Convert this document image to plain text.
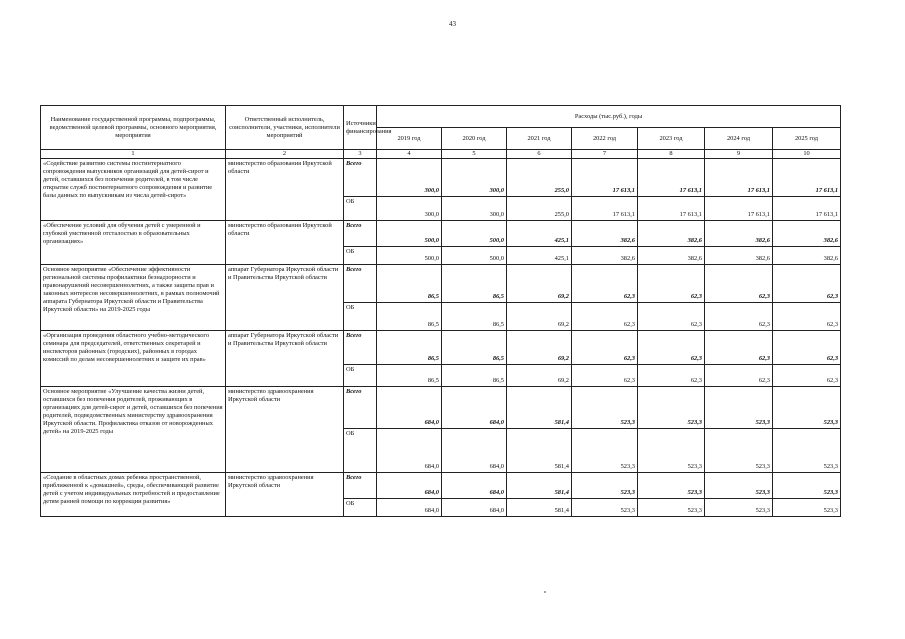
43
Наименование государственной программы, подпрограммы, ведомственной целевой программы, основного мероприятия, мероприятия	Ответственный исполнитель, соисполнители, участники, исполнители мероприятий	Источники финансирования	Расходы (тыс.руб.), годы						
			2019 год	2020 год	2021 год	2022 год	2023 год	2024 год	2025 год
1	2	3	4	5	6	7	8	9	10
«Содействие развитию системы постинтернатного сопровождения выпускников организаций для детей-сирот и детей, оставшихся без попечения родителей, в том числе открытие служб постинтернатного сопровождения и развитие базы данных по выпускникам из числа детей-сирот»	министерство образования Иркутской области	Всего	300,0	300,0	255,0	17 613,1	17 613,1	17 613,1	17 613,1
		ОБ	300,0	300,0	255,0	17 613,1	17 613,1	17 613,1	17 613,1
«Обеспечение условий для обучения детей с умеренной и глубокой умственной отсталостью в образовательных организациях»	министерство образования Иркутской области	Всего	500,0	500,0	425,1	382,6	382,6	382,6	382,6
		ОБ	500,0	500,0	425,1	382,6	382,6	382,6	382,6
Основное мероприятие «Обеспечение эффективности региональной системы профилактики безнадзорности и правонарушений несовершеннолетних, а также защиты прав и законных интересов несовершеннолетних, в рамках полномочий аппарата Губернатора Иркутской области и Правительства Иркутской области» на 2019-2025 годы	аппарат Губернатора Иркутской области и Правительства Иркутской области	Всего	86,5	86,5	69,2	62,3	62,3	62,3	62,3
		ОБ	86,5	86,5	69,2	62,3	62,3	62,3	62,3
«Организация проведения областного учебно-методического семинара для председателей, ответственных секретарей и инспекторов районных (городских), районных в городах комиссий по делам несовершеннолетних и защите их прав»	аппарат Губернатора Иркутской области и Правительства Иркутской области	Всего	86,5	86,5	69,2	62,3	62,3	62,3	62,3
		ОБ	86,5	86,5	69,2	62,3	62,3	62,3	62,3
Основное мероприятие «Улучшение качества жизни детей, оставшихся без попечения родителей, проживающих в организациях для детей-сирот и детей, оставшихся без попечения родителей, подведомственных министерству здравоохранения Иркутской области. Профилактика отказов от новорожденных детей» на 2019-2025 годы	министерство здравоохранения Иркутской области	Всего	684,0	684,0	581,4	523,3	523,3	523,3	523,3
		ОБ	684,0	684,0	581,4	523,3	523,3	523,3	523,3
«Создание в областных домах ребенка пространственной, приближенной к «домашней», среды, обеспечивающей развитие детей с учетом индивидуальных потребностей и предоставление детям ранней помощи по коррекции развития»	министерство здравоохранения Иркутской области	Всего	684,0	684,0	581,4	523,3	523,3	523,3	523,3
		ОБ	684,0	684,0	581,4	523,3	523,3	523,3	523,3
